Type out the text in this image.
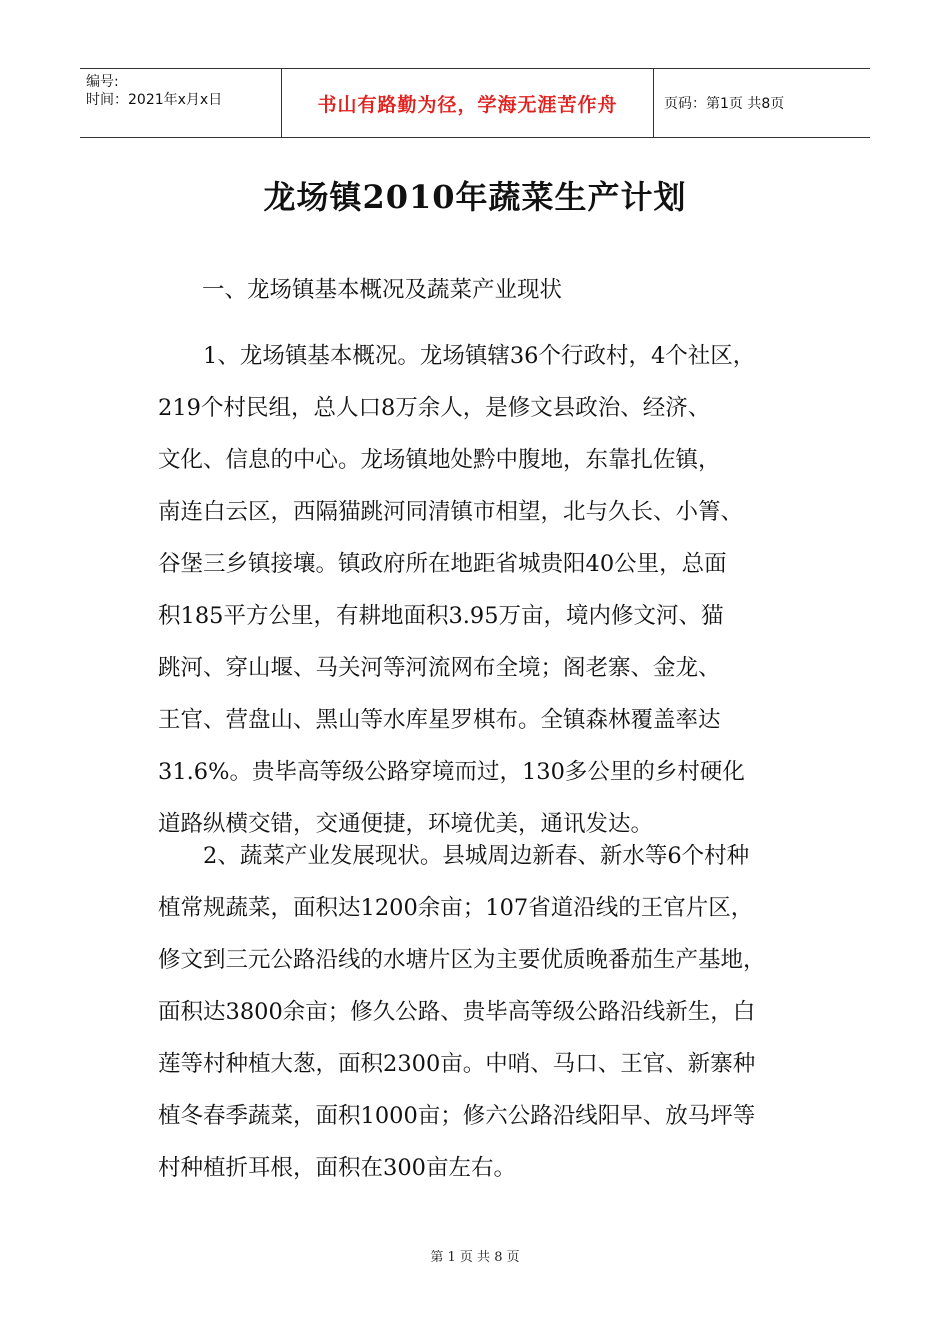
编号:
时间：2021年x月x日	书山有路勤为径，学海无涯苦作舟	页码：第1页 共8页
龙场镇2010年蔬菜生产计划

一、龙场镇基本概况及蔬菜产业现状

　　1、龙场镇基本概况。龙场镇辖36个行政村，4个社区，
219个村民组，总人口8万余人，是修文县政治、经济、
文化、信息的中心。龙场镇地处黔中腹地，东靠扎佐镇，
南连白云区，西隔猫跳河同清镇市相望，北与久长、小箐、
谷堡三乡镇接壤。镇政府所在地距省城贵阳40公里，总面
积185平方公里，有耕地面积3.95万亩，境内修文河、猫
跳河、穿山堰、马关河等河流网布全境；阁老寨、金龙、
王官、营盘山、黑山等水库星罗棋布。全镇森林覆盖率达
31.6%。贵毕高等级公路穿境而过，130多公里的乡村硬化
道路纵横交错，交通便捷，环境优美，通讯发达。

　　2、蔬菜产业发展现状。县城周边新春、新水等6个村种
植常规蔬菜，面积达1200余亩；107省道沿线的王官片区，
修文到三元公路沿线的水塘片区为主要优质晚番茄生产基地，
面积达3800余亩；修久公路、贵毕高等级公路沿线新生，白
莲等村种植大葱，面积2300亩。中哨、马口、王官、新寨种
植冬春季蔬菜，面积1000亩；修六公路沿线阳早、放马坪等
村种植折耳根，面积在300亩左右。

第 1 页 共 8 页
